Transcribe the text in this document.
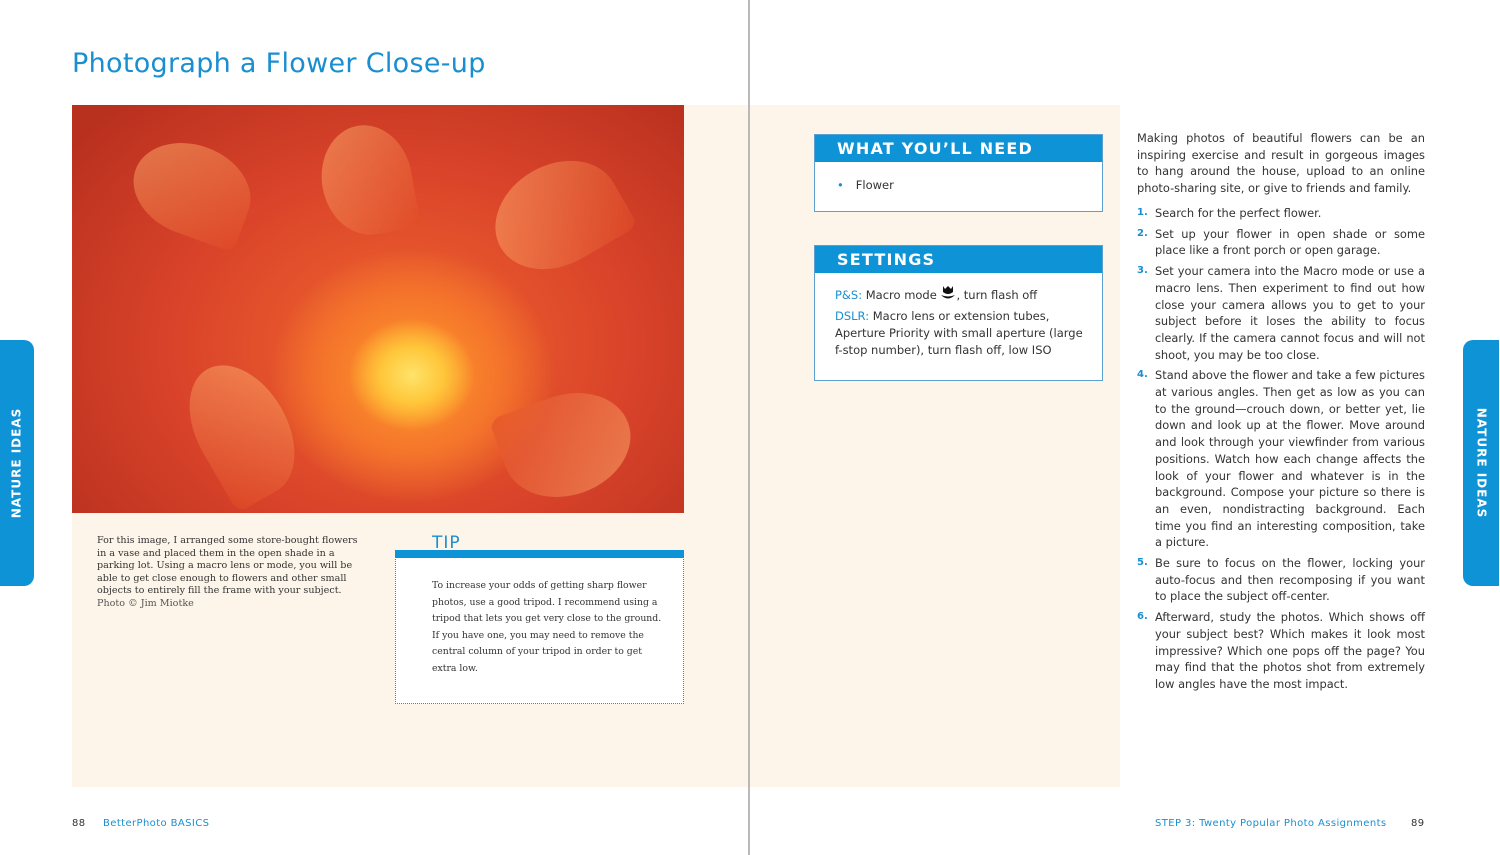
Photograph a Flower Close-up
NATURE IDEAS	NATURE IDEAS
For this image, I arranged some store-bought flowers in a vase and placed them in the open shade in a parking lot. Using a macro lens or mode, you will be able to get close enough to flowers and other small objects to entirely fill the frame with your subject.
Photo © Jim Miotke
To increase your odds of getting sharp flower photos, use a good tripod. I recommend using a tripod that lets you get very close to the ground. If you have one, you may need to remove the central column of your tripod in order to get extra low.
TIP
WHAT YOU’LL NEED
• Flower
SETTINGS

P&S: Macro mode , turn flash off

DSLR: Macro lens or extension tubes, Aperture Priority with small aperture (large f-stop number), turn flash off, low ISO

Making photos of beautiful flowers can be an inspiring exercise and result in gorgeous images to hang around the house, upload to an online photo-sharing site, or give to friends and family.
1. Search for the perfect flower.
2. Set up your flower in open shade or some place like a front porch or open garage.
3. Set your camera into the Macro mode or use a macro lens. Then experiment to find out how close your camera allows you to get to your subject before it loses the ability to focus clearly. If the camera cannot focus and will not shoot, you may be too close.
4. Stand above the flower and take a few pictures at various angles. Then get as low as you can to the ground—crouch down, or better yet, lie down and look up at the flower. Move around and look through your viewfinder from various positions. Watch how each change affects the look of your flower and whatever is in the background. Compose your picture so there is an even, nondistracting background. Each time you find an interesting composition, take a picture.
5. Be sure to focus on the flower, locking your auto-focus and then recomposing if you want to place the subject off-center.
6. Afterward, study the photos. Which shows off your subject best? Which makes it look most impressive? Which one pops off the page? You may find that the photos shot from extremely low angles have the most impact.
88 BetterPhoto BASICS	STEP 3: Twenty Popular Photo Assignments 89
